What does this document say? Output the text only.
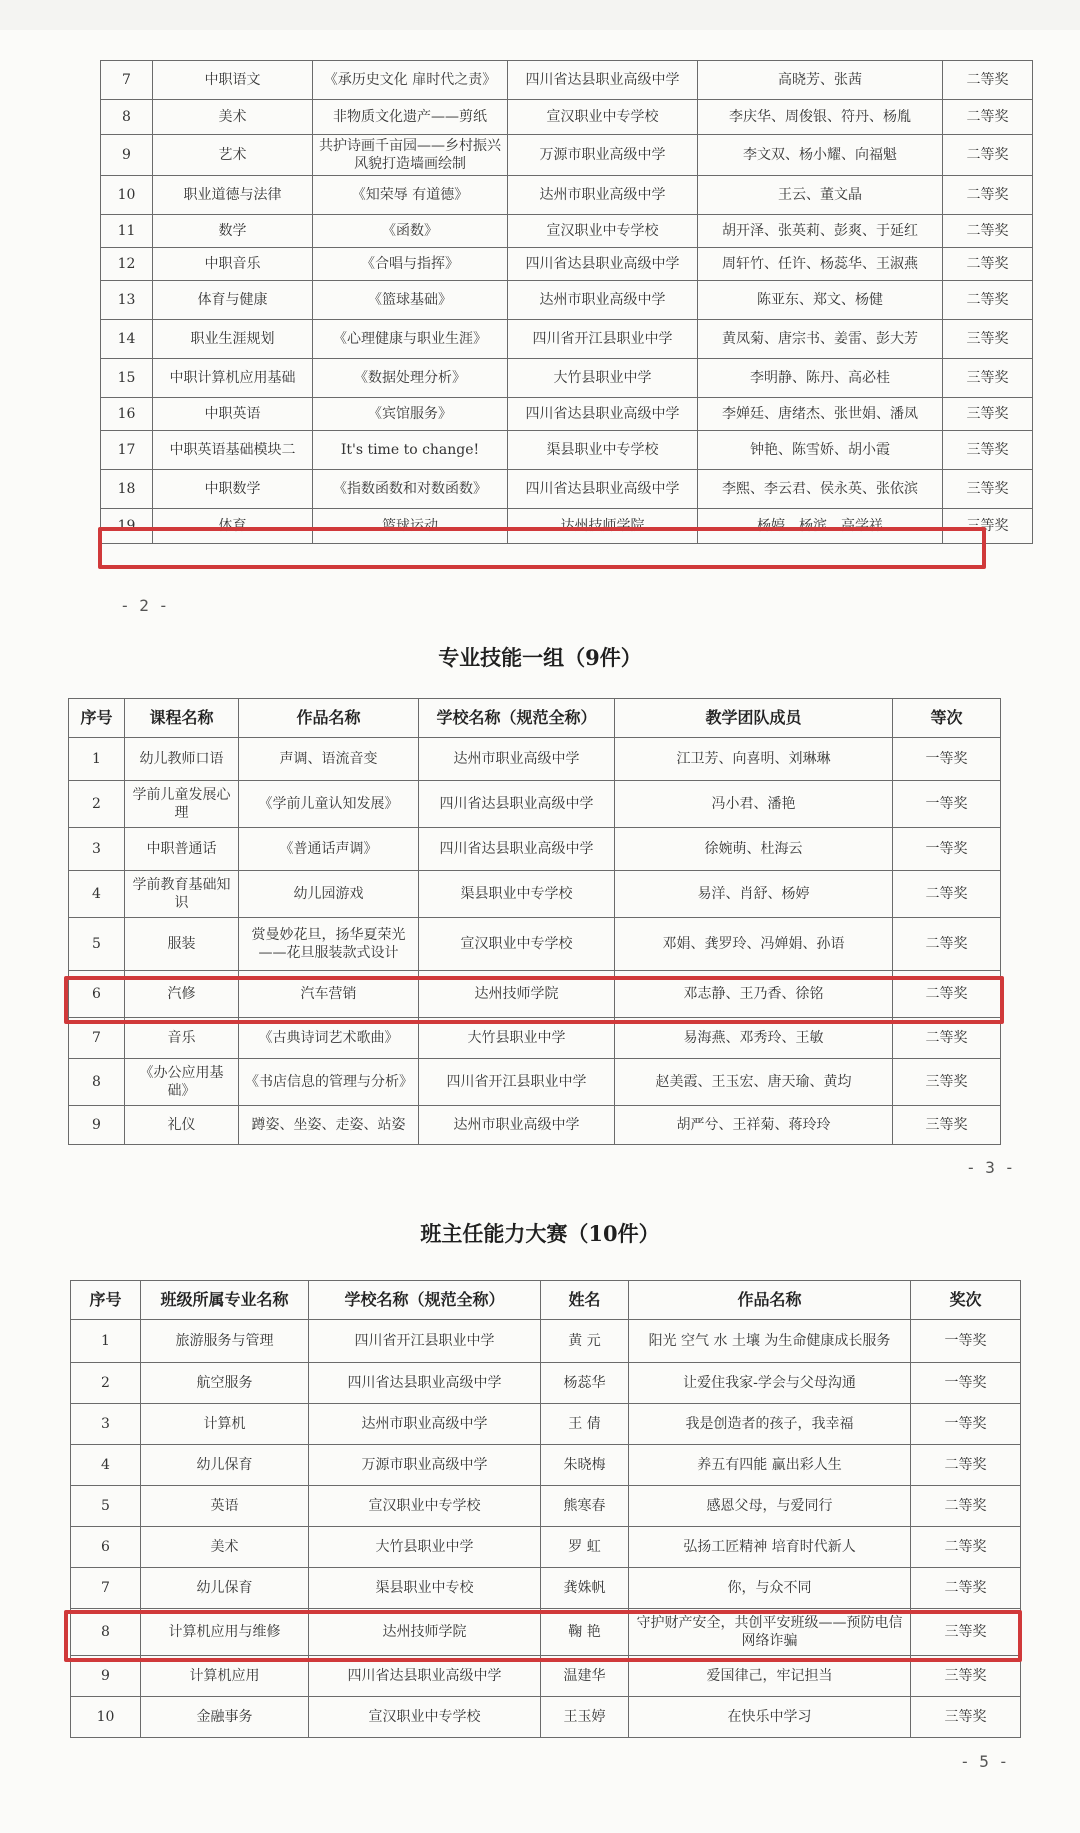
7	中职语文	《承历史文化 扉时代之责》	四川省达县职业高级中学	高晓芳、张茜	二等奖
8	美术	非物质文化遗产——剪纸	宣汉职业中专学校	李庆华、周俊银、符丹、杨胤	二等奖
9	艺术	共护诗画千亩园——乡村振兴风貌打造墙画绘制	万源市职业高级中学	李文双、杨小耀、向福魁	二等奖
10	职业道德与法律	《知荣辱 有道德》	达州市职业高级中学	王云、董文晶	二等奖
11	数学	《函数》	宣汉职业中专学校	胡开泽、张英莉、彭爽、于延红	二等奖
12	中职音乐	《合唱与指挥》	四川省达县职业高级中学	周轩竹、任许、杨蕊华、王淑燕	二等奖
13	体育与健康	《篮球基础》	达州市职业高级中学	陈亚东、郑文、杨健	二等奖
14	职业生涯规划	《心理健康与职业生涯》	四川省开江县职业中学	黄凤菊、唐宗书、姜雷、彭大芳	三等奖
15	中职计算机应用基础	《数据处理分析》	大竹县职业中学	李明静、陈丹、高必桂	三等奖
16	中职英语	《宾馆服务》	四川省达县职业高级中学	李婵廷、唐绪杰、张世娟、潘凤	三等奖
17	中职英语基础模块二	It's time to change!	渠县职业中专学校	钟艳、陈雪娇、胡小霞	三等奖
18	中职数学	《指数函数和对数函数》	四川省达县职业高级中学	李熙、李云君、侯永英、张依滨	三等奖
19	体育	篮球运动	达州技师学院	杨婷、杨滨、高学祥	三等奖
- 2 -
专业技能一组（9件）
序号	课程名称	作品名称	学校名称（规范全称）	教学团队成员	等次
1	幼儿教师口语	声调、语流音变	达州市职业高级中学	江卫芳、向喜明、刘琳琳	一等奖
2	学前儿童发展心理	《学前儿童认知发展》	四川省达县职业高级中学	冯小君、潘艳	一等奖
3	中职普通话	《普通话声调》	四川省达县职业高级中学	徐婉萌、杜海云	一等奖
4	学前教育基础知识	幼儿园游戏	渠县职业中专学校	易洋、肖舒、杨婷	二等奖
5	服装	赏曼妙花旦，扬华夏荣光——花旦服装款式设计	宣汉职业中专学校	邓娟、龚罗玲、冯婵娟、孙语	二等奖
6	汽修	汽车营销	达州技师学院	邓志静、王乃香、徐铭	二等奖
7	音乐	《古典诗词艺术歌曲》	大竹县职业中学	易海燕、邓秀玲、王敏	二等奖
8	《办公应用基础》	《书店信息的管理与分析》	四川省开江县职业中学	赵美霞、王玉宏、唐天瑜、黄均	三等奖
9	礼仪	蹲姿、坐姿、走姿、站姿	达州市职业高级中学	胡严兮、王祥菊、蒋玲玲	三等奖
- 3 -
班主任能力大赛（10件）
序号	班级所属专业名称	学校名称（规范全称）	姓名	作品名称	奖次
1	旅游服务与管理	四川省开江县职业中学	黄 元	阳光 空气 水 土壤 为生命健康成长服务	一等奖
2	航空服务	四川省达县职业高级中学	杨蕊华	让爱住我家-学会与父母沟通	一等奖
3	计算机	达州市职业高级中学	王 倩	我是创造者的孩子，我幸福	一等奖
4	幼儿保育	万源市职业高级中学	朱晓梅	养五有四能 赢出彩人生	二等奖
5	英语	宣汉职业中专学校	熊寒春	感恩父母，与爱同行	二等奖
6	美术	大竹县职业中学	罗 虹	弘扬工匠精神 培育时代新人	二等奖
7	幼儿保育	渠县职业中专校	龚姝帆	你，与众不同	二等奖
8	计算机应用与维修	达州技师学院	鞠 艳	守护财产安全，共创平安班级——预防电信网络诈骗	三等奖
9	计算机应用	四川省达县职业高级中学	温建华	爱国律己，牢记担当	三等奖
10	金融事务	宣汉职业中专学校	王玉婷	在快乐中学习	三等奖
- 5 -
